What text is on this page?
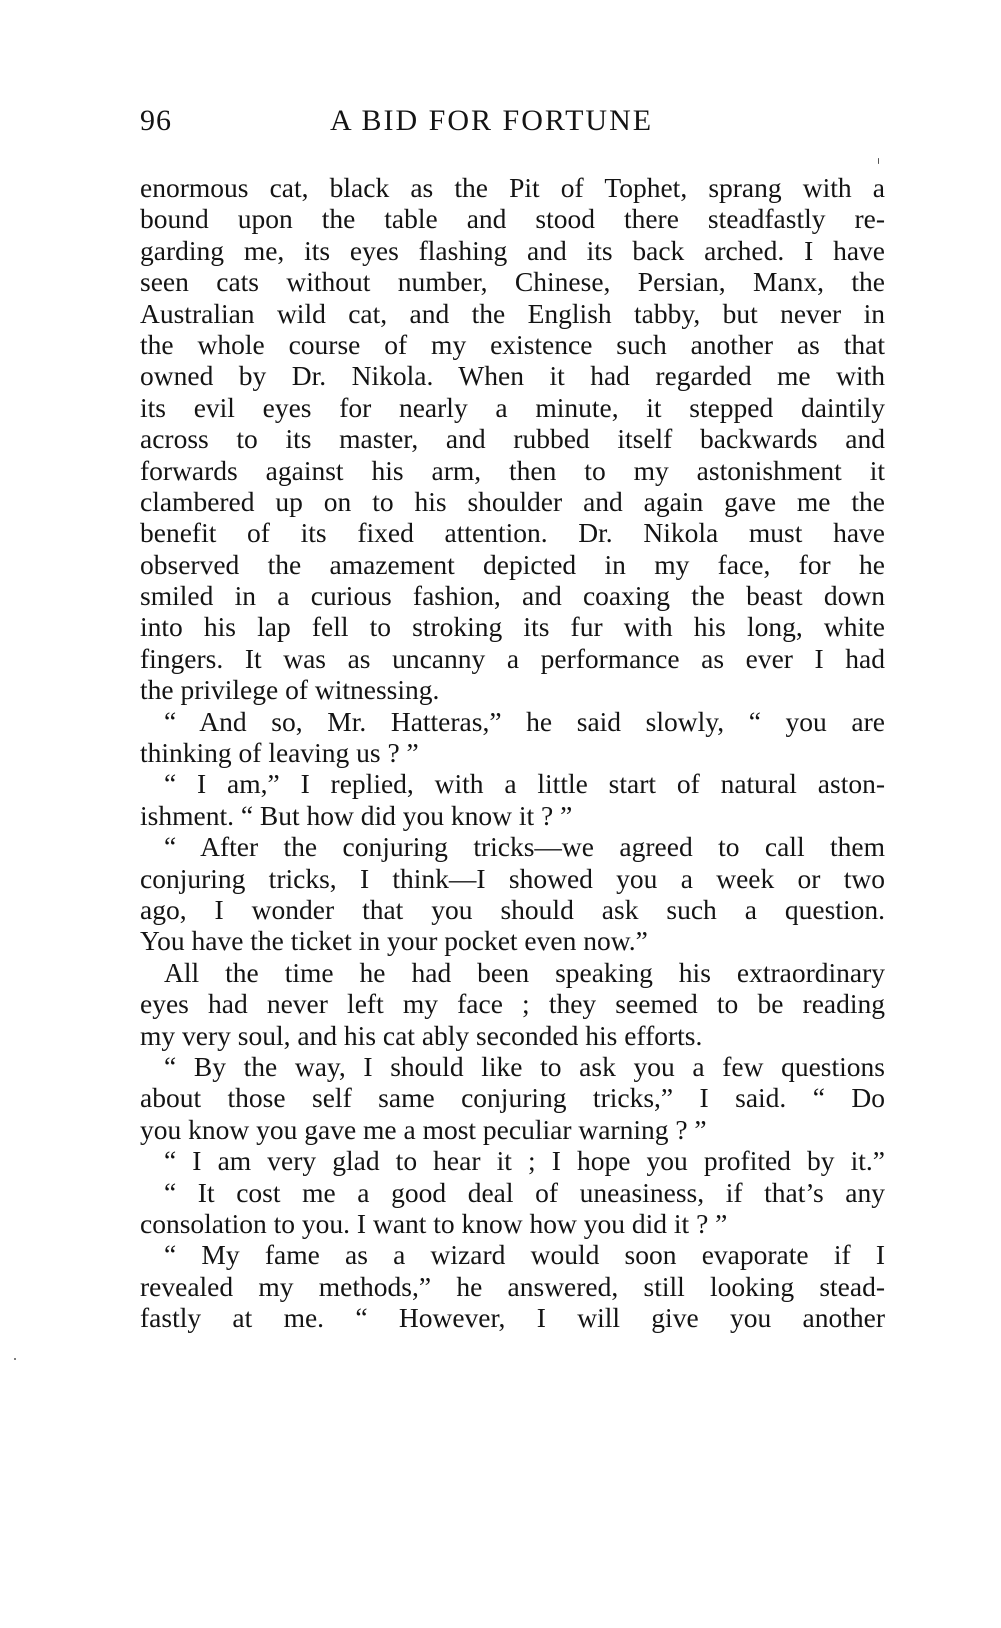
96	A BID FOR FORTUNE
enormous cat, black as the Pit of Tophet, sprang with a
bound upon the table and stood there steadfastly re-
garding me, its eyes flashing and its back arched. I have
seen cats without number, Chinese, Persian, Manx, the
Australian wild cat, and the English tabby, but never in
the whole course of my existence such another as that
owned by Dr. Nikola. When it had regarded me with
its evil eyes for nearly a minute, it stepped daintily
across to its master, and rubbed itself backwards and
forwards against his arm, then to my astonishment it
clambered up on to his shoulder and again gave me the
benefit of its fixed attention. Dr. Nikola must have
observed the amazement depicted in my face, for he
smiled in a curious fashion, and coaxing the beast down
into his lap fell to stroking its fur with his long, white
fingers. It was as uncanny a performance as ever I had
the privilege of witnessing.
“ And so, Mr. Hatteras,” he said slowly, “ you are
thinking of leaving us ? ”
“ I am,” I replied, with a little start of natural aston-
ishment. “ But how did you know it ? ”
“ After the conjuring tricks—we agreed to call them
conjuring tricks, I think—I showed you a week or two
ago, I wonder that you should ask such a question.
You have the ticket in your pocket even now.”
All the time he had been speaking his extraordinary
eyes had never left my face ; they seemed to be reading
my very soul, and his cat ably seconded his efforts.
“ By the way, I should like to ask you a few questions
about those self same conjuring tricks,” I said. “ Do
you know you gave me a most peculiar warning ? ”
“ I am very glad to hear it ; I hope you profited by it.”
“ It cost me a good deal of uneasiness, if that’s any
consolation to you. I want to know how you did it ? ”
“ My fame as a wizard would soon evaporate if I
revealed my methods,” he answered, still looking stead-
fastly at me. “ However, I will give you another
